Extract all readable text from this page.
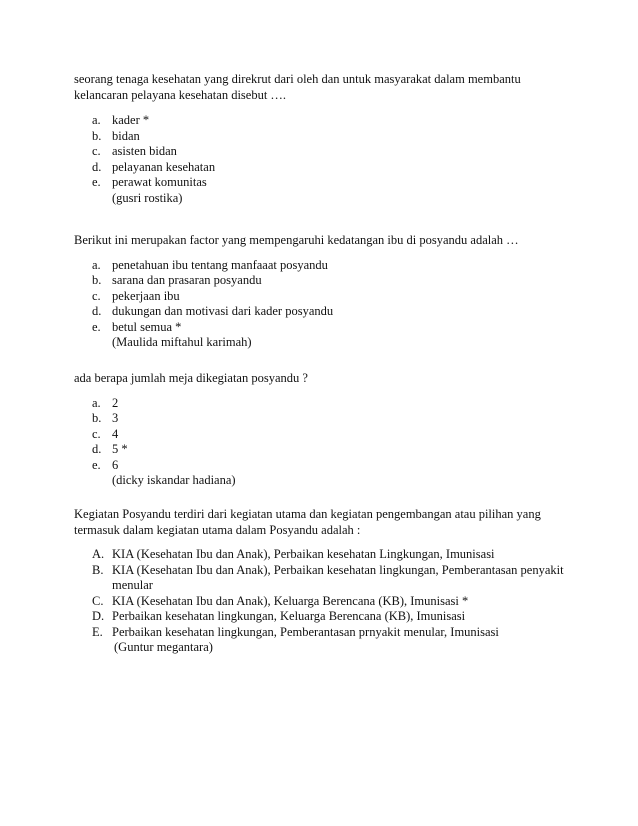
seorang tenaga kesehatan yang direkrut dari oleh dan untuk masyarakat dalam membantu kelancaran pelayana kesehatan disebut ….

a. kader *
b. bidan
c. asisten bidan
d. pelayanan kesehatan
e. perawat komunitas
(gusri rostika)

Berikut ini merupakan factor yang mempengaruhi kedatangan ibu di posyandu adalah …

a. penetahuan ibu tentang manfaaat posyandu
b. sarana dan prasaran posyandu
c. pekerjaan ibu
d. dukungan dan motivasi dari kader posyandu
e. betul semua *
(Maulida miftahul karimah)

ada berapa jumlah meja dikegiatan posyandu ?

a. 2
b. 3
c. 4
d. 5 *
e. 6
(dicky iskandar hadiana)

Kegiatan Posyandu terdiri dari kegiatan utama dan kegiatan pengembangan atau pilihan yang termasuk dalam kegiatan utama dalam Posyandu adalah :

A. KIA (Kesehatan Ibu dan Anak), Perbaikan kesehatan Lingkungan, Imunisasi
B. KIA (Kesehatan Ibu dan Anak), Perbaikan kesehatan lingkungan, Pemberantasan penyakit menular
C. KIA (Kesehatan Ibu dan Anak), Keluarga Berencana (KB), Imunisasi *
D. Perbaikan kesehatan lingkungan, Keluarga Berencana (KB), Imunisasi
E. Perbaikan kesehatan lingkungan, Pemberantasan prnyakit menular, Imunisasi
(Guntur megantara)
